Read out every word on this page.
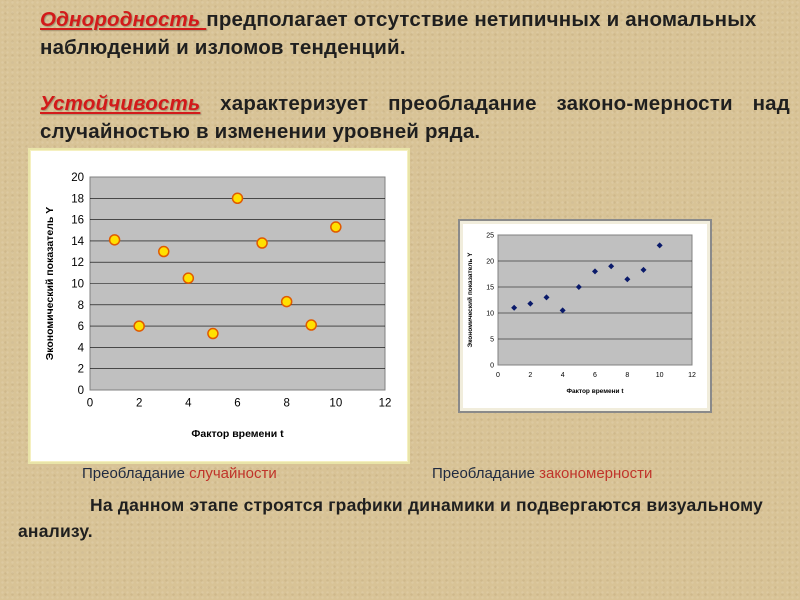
Однородность предполагает отсутствие нетипичных и аномальных наблюдений и изломов тенденций.
Устойчивость характеризует преобладание законо-мерности над случайностью в изменении уровней ряда.
0
2
4
6
8
10
12
14
16
18
20
0	2	4	6	8	10	12
Фактор времени t
Экономический показатель Y
0
5
10
15
20
25
0	2	4	6	8	10	12
Фактор времени t
Экономический показатель Y
Преобладание случайности	Преобладание закономерности
На данном этапе строятся графики динамики и подвергаются визуальному анализу.
